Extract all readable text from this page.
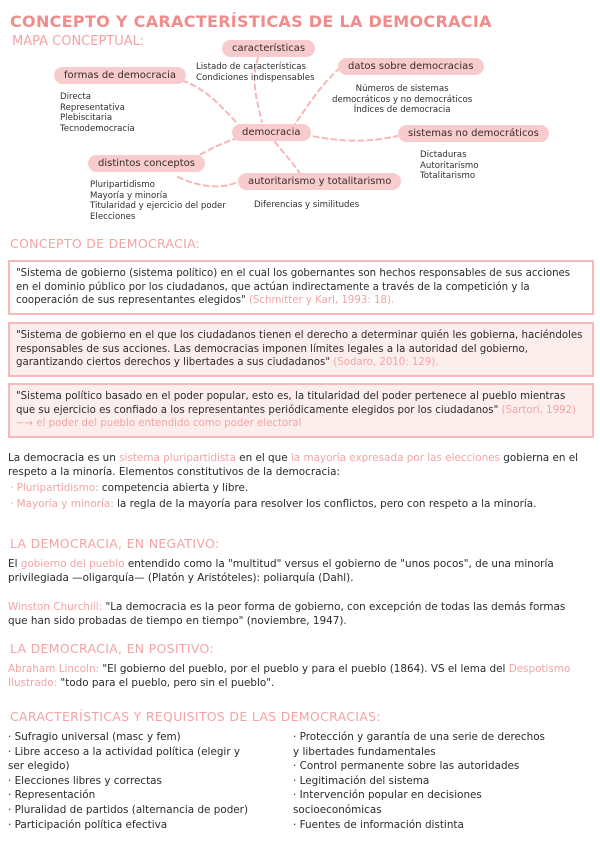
CONCEPTO Y CARACTERÍSTICAS DE LA DEMOCRACIA
MAPA CONCEPTUAL:	características
Listado de características
Condiciones indispensables
formas de democracia
Directa
Representativa
Plebiscitaria
Tecnodemocracia
datos sobre democracias
Números de sistemas
democráticos y no democráticos
Índices de democracia
democracia	sistemas no democráticos
Dictaduras
Autoritarismo
Totalitarismo
distintos conceptos
Pluripartidismo
Mayoría y minoría
Titularidad y ejercicio del poder
Elecciones
autoritarismo y totalitarismo
Diferencias y similitudes
CONCEPTO DE DEMOCRACIA:
"Sistema de gobierno (sistema político) en el cual los gobernantes son hechos responsables de sus acciones en el dominio público por los ciudadanos, que actúan indirectamente a través de la competición y la cooperación de sus representantes elegidos" (Schmitter y Karl, 1993: 18).
"Sistema de gobierno en el que los ciudadanos tienen el derecho a determinar quién les gobierna, haciéndoles responsables de sus acciones. Las democracias imponen límites legales a la autoridad del gobierno, garantizando ciertos derechos y libertades a sus ciudadanos" (Sodaro, 2010: 129).
"Sistema político basado en el poder popular, esto es, la titularidad del poder pertenece al pueblo mientras que su ejercicio es confiado a los representantes periódicamente elegidos por los ciudadanos" (Sartori, 1992) ~→ el poder del pueblo entendido como poder electoral
La democracia es un sistema pluripartidista en el que la mayoría expresada por las elecciones gobierna en el respeto a la minoría. Elementos constitutivos de la democracia:
· Pluripartidismo: competencia abierta y libre.
· Mayoría y minoría: la regla de la mayoría para resolver los conflictos, pero con respeto a la minoría.
LA DEMOCRACIA, EN NEGATIVO:
El gobierno del pueblo entendido como la "multitud" versus el gobierno de "unos pocos", de una minoría privilegiada —oligarquía— (Platón y Aristóteles): poliarquía (Dahl).
Winston Churchill: "La democracia es la peor forma de gobierno, con excepción de todas las demás formas que han sido probadas de tiempo en tiempo" (noviembre, 1947).
LA DEMOCRACIA, EN POSITIVO:
Abraham Lincoln: "El gobierno del pueblo, por el pueblo y para el pueblo (1864). VS el lema del Despotismo Ilustrado: "todo para el pueblo, pero sin el pueblo".
CARACTERÍSTICAS Y REQUISITOS DE LAS DEMOCRACIAS:
· Sufragio universal (masc y fem)
· Libre acceso a la actividad política (elegir y
ser elegido)
· Elecciones libres y correctas
· Representación
· Pluralidad de partidos (alternancia de poder)
· Participación política efectiva
· Protección y garantía de una serie de derechos
y libertades fundamentales
· Control permanente sobre las autoridades
· Legitimación del sistema
· Intervención popular en decisiones
socioeconómicas
· Fuentes de información distinta
